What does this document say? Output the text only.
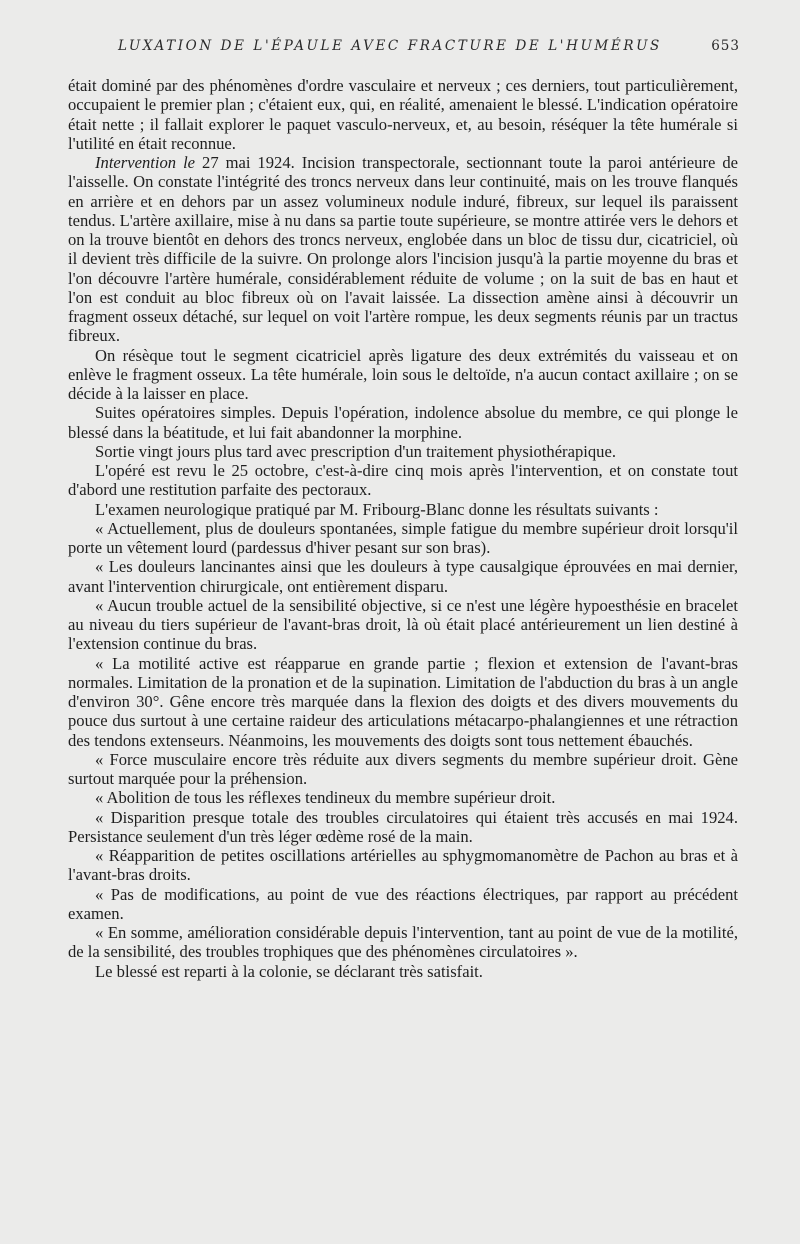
LUXATION DE L'ÉPAULE AVEC FRACTURE DE L'HUMÉRUS	653

était dominé par des phénomènes d'ordre vasculaire et nerveux ; ces derniers, tout particulièrement, occupaient le premier plan ; c'étaient eux, qui, en réalité, amenaient le blessé. L'indication opératoire était nette ; il fallait explorer le paquet vasculo-nerveux, et, au besoin, réséquer la tête humérale si l'utilité en était reconnue.

Intervention le 27 mai 1924. Incision transpectorale, sectionnant toute la paroi antérieure de l'aisselle. On constate l'intégrité des troncs nerveux dans leur continuité, mais on les trouve flanqués en arrière et en dehors par un assez volumineux nodule induré, fibreux, sur lequel ils paraissent tendus. L'artère axillaire, mise à nu dans sa partie toute supérieure, se montre attirée vers le dehors et on la trouve bientôt en dehors des troncs nerveux, englobée dans un bloc de tissu dur, cicatriciel, où il devient très difficile de la suivre. On prolonge alors l'incision jusqu'à la partie moyenne du bras et l'on découvre l'artère humérale, considérablement réduite de volume ; on la suit de bas en haut et l'on est conduit au bloc fibreux où on l'avait laissée. La dissection amène ainsi à découvrir un fragment osseux détaché, sur lequel on voit l'artère rompue, les deux segments réunis par un tractus fibreux.

On résèque tout le segment cicatriciel après ligature des deux extrémités du vaisseau et on enlève le fragment osseux. La tête humérale, loin sous le deltoïde, n'a aucun contact axillaire ; on se décide à la laisser en place.

Suites opératoires simples. Depuis l'opération, indolence absolue du membre, ce qui plonge le blessé dans la béatitude, et lui fait abandonner la morphine.

Sortie vingt jours plus tard avec prescription d'un traitement physiothérapique.

L'opéré est revu le 25 octobre, c'est-à-dire cinq mois après l'intervention, et on constate tout d'abord une restitution parfaite des pectoraux.

L'examen neurologique pratiqué par M. Fribourg-Blanc donne les résultats suivants :

« Actuellement, plus de douleurs spontanées, simple fatigue du membre supérieur droit lorsqu'il porte un vêtement lourd (pardessus d'hiver pesant sur son bras).

« Les douleurs lancinantes ainsi que les douleurs à type causalgique éprouvées en mai dernier, avant l'intervention chirurgicale, ont entièrement disparu.

« Aucun trouble actuel de la sensibilité objective, si ce n'est une légère hypoesthésie en bracelet au niveau du tiers supérieur de l'avant-bras droit, là où était placé antérieurement un lien destiné à l'extension continue du bras.

« La motilité active est réapparue en grande partie ; flexion et extension de l'avant-bras normales. Limitation de la pronation et de la supination. Limitation de l'abduction du bras à un angle d'environ 30°. Gêne encore très marquée dans la flexion des doigts et des divers mouvements du pouce dus surtout à une certaine raideur des articulations métacarpo-phalangiennes et une rétraction des tendons extenseurs. Néanmoins, les mouvements des doigts sont tous nettement ébauchés.

« Force musculaire encore très réduite aux divers segments du membre supérieur droit. Gène surtout marquée pour la préhension.

« Abolition de tous les réflexes tendineux du membre supérieur droit.

« Disparition presque totale des troubles circulatoires qui étaient très accusés en mai 1924. Persistance seulement d'un très léger œdème rosé de la main.

« Réapparition de petites oscillations artérielles au sphygmomanomètre de Pachon au bras et à l'avant-bras droits.

« Pas de modifications, au point de vue des réactions électriques, par rapport au précédent examen.

« En somme, amélioration considérable depuis l'intervention, tant au point de vue de la motilité, de la sensibilité, des troubles trophiques que des phénomènes circulatoires ».

Le blessé est reparti à la colonie, se déclarant très satisfait.
